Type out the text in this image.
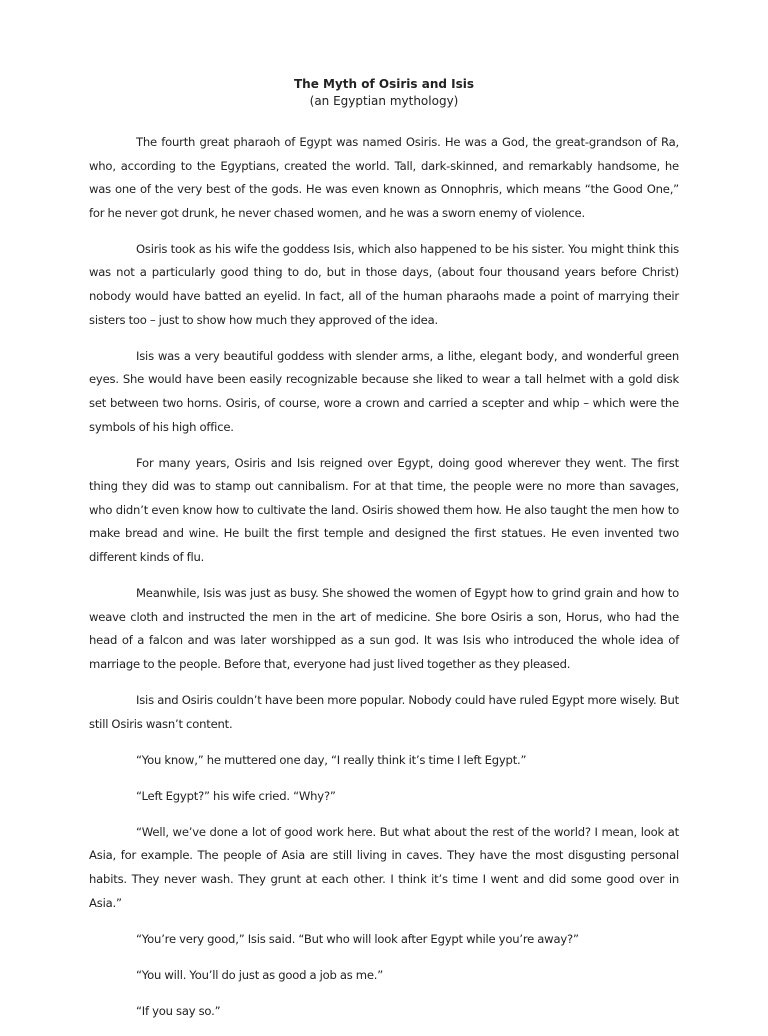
The Myth of Osiris and Isis

(an Egyptian mythology)

The fourth great pharaoh of Egypt was named Osiris. He was a God, the great-grandson of Ra, who, according to the Egyptians, created the world. Tall, dark-skinned, and remarkably handsome, he was one of the very best of the gods. He was even known as Onnophris, which means “the Good One,” for he never got drunk, he never chased women, and he was a sworn enemy of violence.

Osiris took as his wife the goddess Isis, which also happened to be his sister. You might think this was not a particularly good thing to do, but in those days, (about four thousand years before Christ) nobody would have batted an eyelid. In fact, all of the human pharaohs made a point of marrying their sisters too – just to show how much they approved of the idea.

Isis was a very beautiful goddess with slender arms, a lithe, elegant body, and wonderful green eyes. She would have been easily recognizable because she liked to wear a tall helmet with a gold disk set between two horns. Osiris, of course, wore a crown and carried a scepter and whip – which were the symbols of his high office.

For many years, Osiris and Isis reigned over Egypt, doing good wherever they went. The first thing they did was to stamp out cannibalism. For at that time, the people were no more than savages, who didn’t even know how to cultivate the land. Osiris showed them how. He also taught the men how to make bread and wine. He built the first temple and designed the first statues. He even invented two different kinds of flu.

Meanwhile, Isis was just as busy. She showed the women of Egypt how to grind grain and how to weave cloth and instructed the men in the art of medicine. She bore Osiris a son, Horus, who had the head of a falcon and was later worshipped as a sun god. It was Isis who introduced the whole idea of marriage to the people. Before that, everyone had just lived together as they pleased.

Isis and Osiris couldn’t have been more popular. Nobody could have ruled Egypt more wisely. But still Osiris wasn’t content.

“You know,” he muttered one day, “I really think it’s time I left Egypt.”

“Left Egypt?” his wife cried. “Why?”

“Well, we’ve done a lot of good work here. But what about the rest of the world? I mean, look at Asia, for example. The people of Asia are still living in caves. They have the most disgusting personal habits. They never wash. They grunt at each other. I think it’s time I went and did some good over in Asia.”

“You’re very good,” Isis said. “But who will look after Egypt while you’re away?”

“You will. You’ll do just as good a job as me.”

“If you say so.”
